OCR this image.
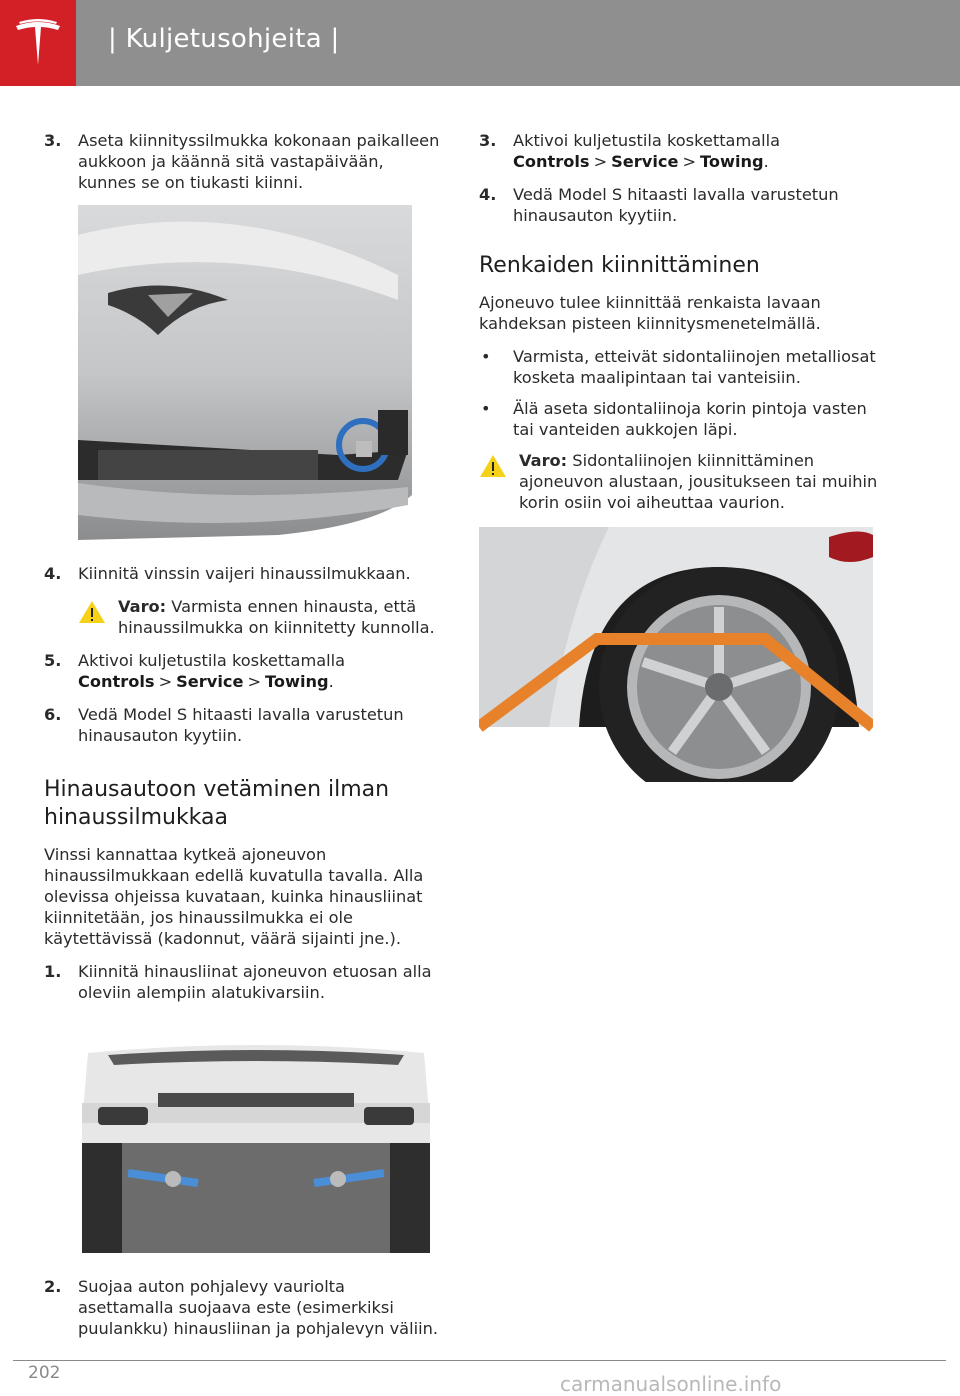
| Kuljetusohjeita |
3. Aseta kiinnityssilmukka kokonaan paikalleen aukkoon ja käännä sitä vastapäivään, kunnes se on tiukasti kiinni.
4. Kiinnitä vinssin vaijeri hinaussilmukkaan.
Varo: Varmista ennen hinausta, että hinaussilmukka on kiinnitetty kunnolla.
5. Aktivoi kuljetustila koskettamalla
Controls > Service > Towing.
6. Vedä Model S hitaasti lavalla varustetun hinausauton kyytiin.
Hinausautoon vetäminen ilman hinaussilmukkaa
Vinssi kannattaa kytkeä ajoneuvon hinaussilmukkaan edellä kuvatulla tavalla. Alla olevissa ohjeissa kuvataan, kuinka hinausliinat kiinnitetään, jos hinaussilmukka ei ole käytettävissä (kadonnut, väärä sijainti jne.).
1. Kiinnitä hinausliinat ajoneuvon etuosan alla oleviin alempiin alatukivarsiin.
2. Suojaa auton pohjalevy vauriolta asettamalla suojaava este (esimerkiksi puulankku) hinausliinan ja pohjalevyn väliin.
3. Aktivoi kuljetustila koskettamalla
Controls > Service > Towing.
4. Vedä Model S hitaasti lavalla varustetun hinausauton kyytiin.
Renkaiden kiinnittäminen
Ajoneuvo tulee kiinnittää renkaista lavaan kahdeksan pisteen kiinnitysmenetelmällä.
• Varmista, etteivät sidontaliinojen metalliosat kosketa maalipintaan tai vanteisiin.
• Älä aseta sidontaliinoja korin pintoja vasten tai vanteiden aukkojen läpi.
Varo: Sidontaliinojen kiinnittäminen ajoneuvon alustaan, jousitukseen tai muihin korin osiin voi aiheuttaa vaurion.
202	carmanualsonline.info
